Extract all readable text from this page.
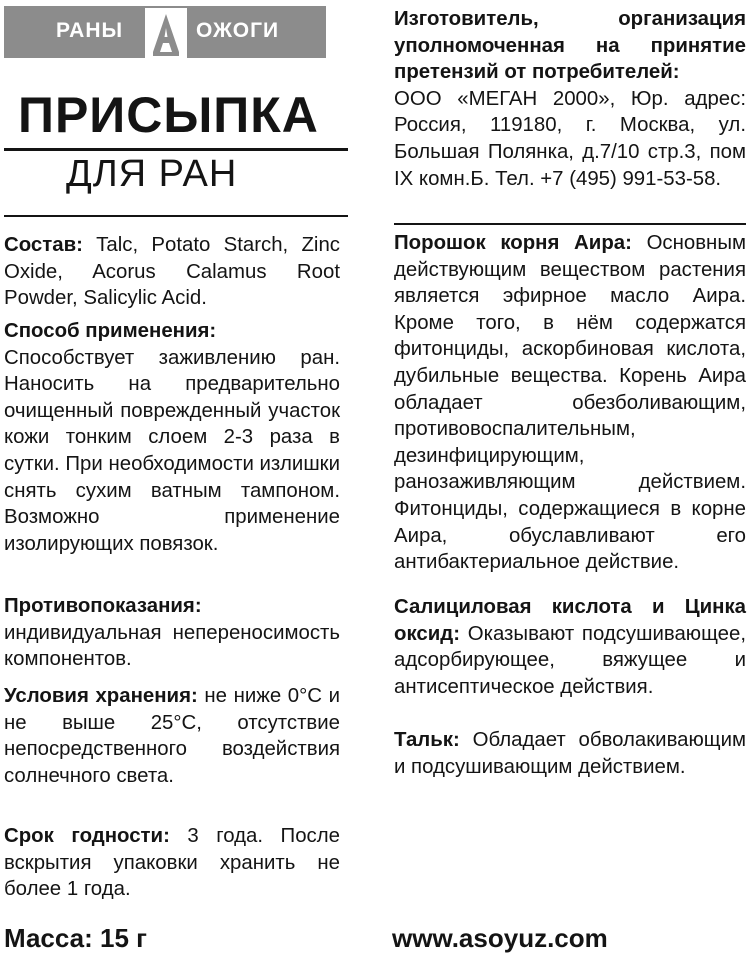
РАНЫ	ОЖОГИ
ПРИСЫПКА
ДЛЯ РАН
Состав: Talc, Potato Starch, Zinc Oxide, Acorus Calamus Root Powder, Salicylic Acid.
Способ применения:
Способствует заживлению ран. Наносить на предварительно очищенный поврежденный участок кожи тонким слоем 2-3 раза в сутки. При необходимости излишки снять сухим ватным тампоном. Возможно применение изолирующих повязок.
Противопоказания:
индивидуальная непереносимость компонентов.
Условия хранения: не ниже 0°С и не выше 25°С, отсутствие непосредственного воздействия солнечного света.
Срок годности: 3 года. После вскрытия упаковки хранить не более 1 года.
Изготовитель, организация уполномоченная на принятие претензий от потребителей:
ООО «МЕГАН 2000», Юр. адрес: Россия, 119180, г. Москва, ул. Большая Полянка, д.7/10 стр.3, пом IX комн.Б. Тел. +7 (495) 991-53-58.
Порошок корня Аира: Основным действующим веществом растения является эфирное масло Аира. Кроме того, в нём содержатся фитонциды, аскорбиновая кислота, дубильные вещества. Корень Аира обладает обезболивающим, противовоспалительным, дезинфицирующим, ранозаживляющим действием. Фитонциды, содержащиеся в корне Аира, обуславливают его антибактериальное действие.
Салициловая кислота и Цинка оксид: Оказывают подсушивающее, адсорбирующее, вяжущее и антисептическое действия.
Тальк: Обладает обволакивающим и подсушивающим действием.
Масса: 15 г	www.asoyuz.com
